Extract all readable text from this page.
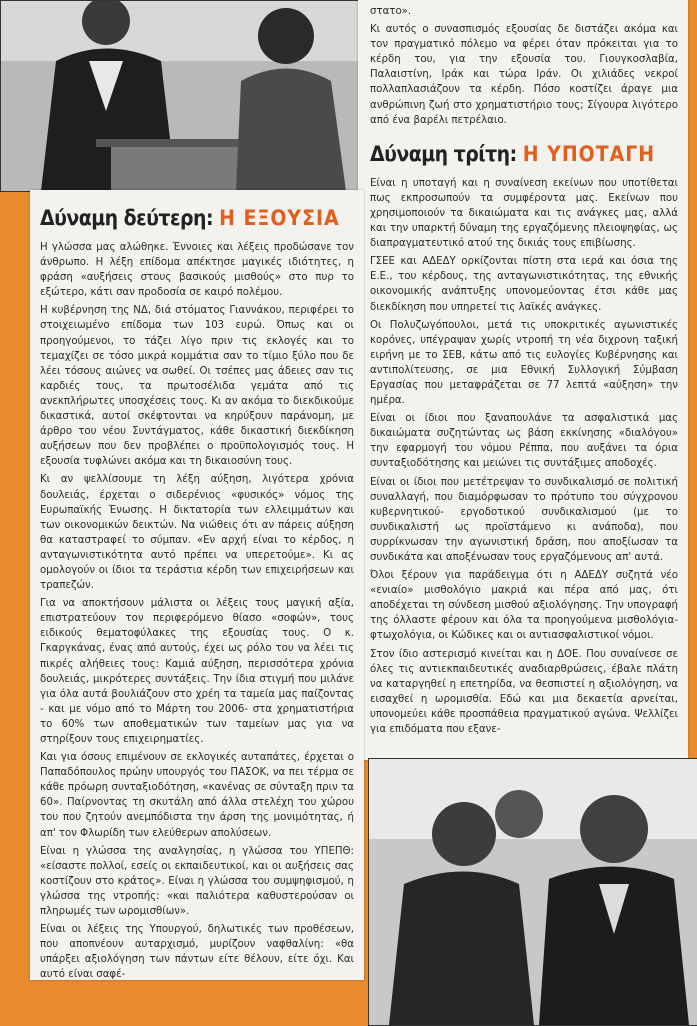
στατο».

Κι αυτός ο συνασπισμός εξουσίας δε διστάζει ακόμα και τον πραγματικό πόλεμο να φέρει όταν πρόκειται για το κέρδη του, για την εξουσία του. Γιουγκοσλαβία, Παλαιστίνη, Ιράκ και τώρα Ιράν. Οι χιλιάδες νεκροί πολλαπλασιάζουν τα κέρδη. Πόσο κοστίζει άραγε μια ανθρώπινη ζωή στο χρηματιστήριο τους; Σίγουρα λιγότερο από ένα βαρέλι πετρέλαιο.

Δύναμη τρίτη: Η ΥΠΟΤΑΓΗ

Είναι η υποταγή και η συναίνεση εκείνων που υποτίθεται πως εκπροσωπούν τα συμφέροντα μας. Εκείνων που χρησιμοποιούν τα δικαιώματα και τις ανάγκες μας, αλλά και την υπαρκτή δύναμη της εργαζόμενης πλειοψηφίας, ως διαπραγματευτικό ατού της δικιάς τους επιβίωσης.

ΓΣΕΕ και ΑΔΕΔΥ ορκίζονται πίστη στα ιερά και όσια της Ε.Ε., του κέρδους, της ανταγωνιστικότητας, της εθνικής οικονομικής ανάπτυξης υπονομεύοντας έτσι κάθε μας διεκδίκηση που υπηρετεί τις λαϊκές ανάγκες.

Οι Πολυζωγόπουλοι, μετά τις υποκριτικές αγωνιστικές κορόνες, υπέγραψαν χωρίς ντροπή τη νέα διχρονη ταξική ειρήνη με το ΣΕΒ, κάτω από τις ευλογίες Κυβέρνησης και αντιπολίτευσης, σε μια Εθνική Συλλογική Σύμβαση Εργασίας που μεταφράζεται σε 77 λεπτά «αύξηση» την ημέρα.

Είναι οι ίδιοι που ξαναπουλάνε τα ασφαλιστικά μας δικαιώματα συζητώντας ως βάση εκκίνησης «διαλόγου» την εφαρμογή του νόμου Ρέππα, που αυξάνει τα όρια συνταξιοδότησης και μειώνει τις συντάξιμες αποδοχές.

Είναι οι ίδιοι που μετέτρεψαν το συνδικαλισμό σε πολιτική συναλλαγή, που διαμόρφωσαν το πρότυπο του σύγχρονου κυβερνητικού- εργοδοτικού συνδικαλισμού (με το συνδικαλιστή ως προϊστάμενο κι ανάποδα), που συρρίκνωσαν την αγωνιστική δράση, που αποξίωσαν τα συνδικάτα και αποξένωσαν τους εργαζόμενους απ' αυτά.

Όλοι ξέρουν για παράδειγμα ότι η ΑΔΕΔΥ συζητά νέο «ενιαίο» μισθολόγιο μακριά και πέρα από μας, ότι αποδέχεται τη σύνδεση μισθού αξιολόγησης. Την υπογραφή της όλλαστε φέρουν και όλα τα προηγούμενα μισθολόγια- φτωχολόγια, οι Κώδικες και οι αντιασφαλιστικοί νόμοι.

Στον ίδιο αστερισμό κινείται και η ΔΟΕ. Που συναίνεσε σε όλες τις αντιεκπαιδευτικές αναδιαρθρώσεις, έβαλε πλάτη να καταργηθεί η επετηρίδα, να θεσπιστεί η αξιολόγηση, να εισαχθεί η ωρομισθία. Εδώ και μια δεκαετία αρνείται, υπονομεύει κάθε προσπάθεια πραγματικού αγώνα. Ψελλίζει για επιδόματα που εξανε-

Δύναμη δεύτερη: Η ΕΞΟΥΣΙΑ

Η γλώσσα μας αλώθηκε. Έννοιες και λέξεις προδώσανε τον άνθρωπο. Η λέξη επίδομα απέκτησε μαγικές ιδιότητες, η φράση «αυξήσεις στους βασικούς μισθούς» στο πυρ το εξώτερο, κάτι σαν προδοσία σε καιρό πολέμου.

Η κυβέρνηση της ΝΔ, διά στόματος Γιαννάκου, περιφέρει το στοιχειωμένο επίδομα των 103 ευρώ. Όπως και οι προηγούμενοι, το τάζει λίγο πριν τις εκλογές και το τεμαχίζει σε τόσο μικρά κομμάτια σαν το τίμιο ξύλο που δε λέει τόσους αιώνες να σωθεί. Οι τσέπες μας άδειες σαν τις καρδιές τους, τα πρωτοσέλιδα γεμάτα από τις ανεκπλήρωτες υποσχέσεις τους. Κι αν ακόμα το διεκδικούμε δικαστικά, αυτοί σκέφτονται να κηρύξουν παράνομη, με άρθρο του νέου Συντάγματος, κάθε δικαστική διεκδίκηση αυξήσεων που δεν προβλέπει ο προϋπολογισμός τους. Η εξουσία τυφλώνει ακόμα και τη δικαιοσύνη τους.

Κι αν ψελλίσουμε τη λέξη αύξηση, λιγότερα χρόνια δουλειάς, έρχεται ο σιδερένιος «φυσικός» νόμος της Ευρωπαϊκής Ένωσης. Η δικτατορία των ελλειμμάτων και των οικονομικών δεικτών. Να νιώθεις ότι αν πάρεις αύξηση θα καταστραφεί το σύμπαν. «Εν αρχή είναι το κέρδος, η ανταγωνιστικότητα αυτό πρέπει να υπερετούμε». Κι ας ομολογούν οι ίδιοι τα τεράστια κέρδη των επιχειρήσεων και τραπεζών.

Για να αποκτήσουν μάλιστα οι λέξεις τους μαγική αξία, επιστρατεύουν τον περιφερόμενο θίασο «σοφών», τους ειδικούς θεματοφύλακες της εξουσίας τους. Ο κ. Γκαργκάνας, ένας από αυτούς, έχει ως ρόλο του να λέει τις πικρές αλήθειες τους: Καμιά αύξηση, περισσότερα χρόνια δουλειάς, μικρότερες συντάξεις. Την ίδια στιγμή που μιλάνε για όλα αυτά βουλιάζουν στο χρέη τα ταμεία μας παίζοντας - και με νόμο από το Μάρτη του 2006- στα χρηματιστήρια το 60% των αποθεματικών των ταμείων μας για να στηρίξουν τους επιχειρηματίες.

Και για όσους επιμένουν σε εκλογικές αυταπάτες, έρχεται ο Παπαδόπουλος πρώην υπουργός του ΠΑΣΟΚ, να πει τέρμα σε κάθε πρόωρη συνταξιοδότηση, «κανένας σε σύνταξη πριν τα 60». Παίρνοντας τη σκυτάλη από άλλα στελέχη του χώρου του που ζητούν ανεμπόδιστα την άρση της μονιμότητας, ή απ' τον Φλωρίδη των ελεύθερων απολύσεων.

Είναι η γλώσσα της αναλγησίας, η γλώσσα του ΥΠΕΠΘ: «είσαστε πολλοί, εσείς οι εκπαιδευτικοί, και οι αυξήσεις σας κοστίζουν στο κράτος». Είναι η γλώσσα του συμψηφισμού, η γλώσσα της ντροπής: «και παλιότερα καθυστερούσαν οι πληρωμές των ωρομισθίων».

Είναι οι λέξεις της Υπουργού, δηλωτικές των προθέσεων, που απoπνέουν αυταρχισμό, μυρίζουν ναφθαλίνη: «θα υπάρξει αξιολόγηση των πάντων είτε θέλουν, είτε όχι. Και αυτό είναι σαφέ-
